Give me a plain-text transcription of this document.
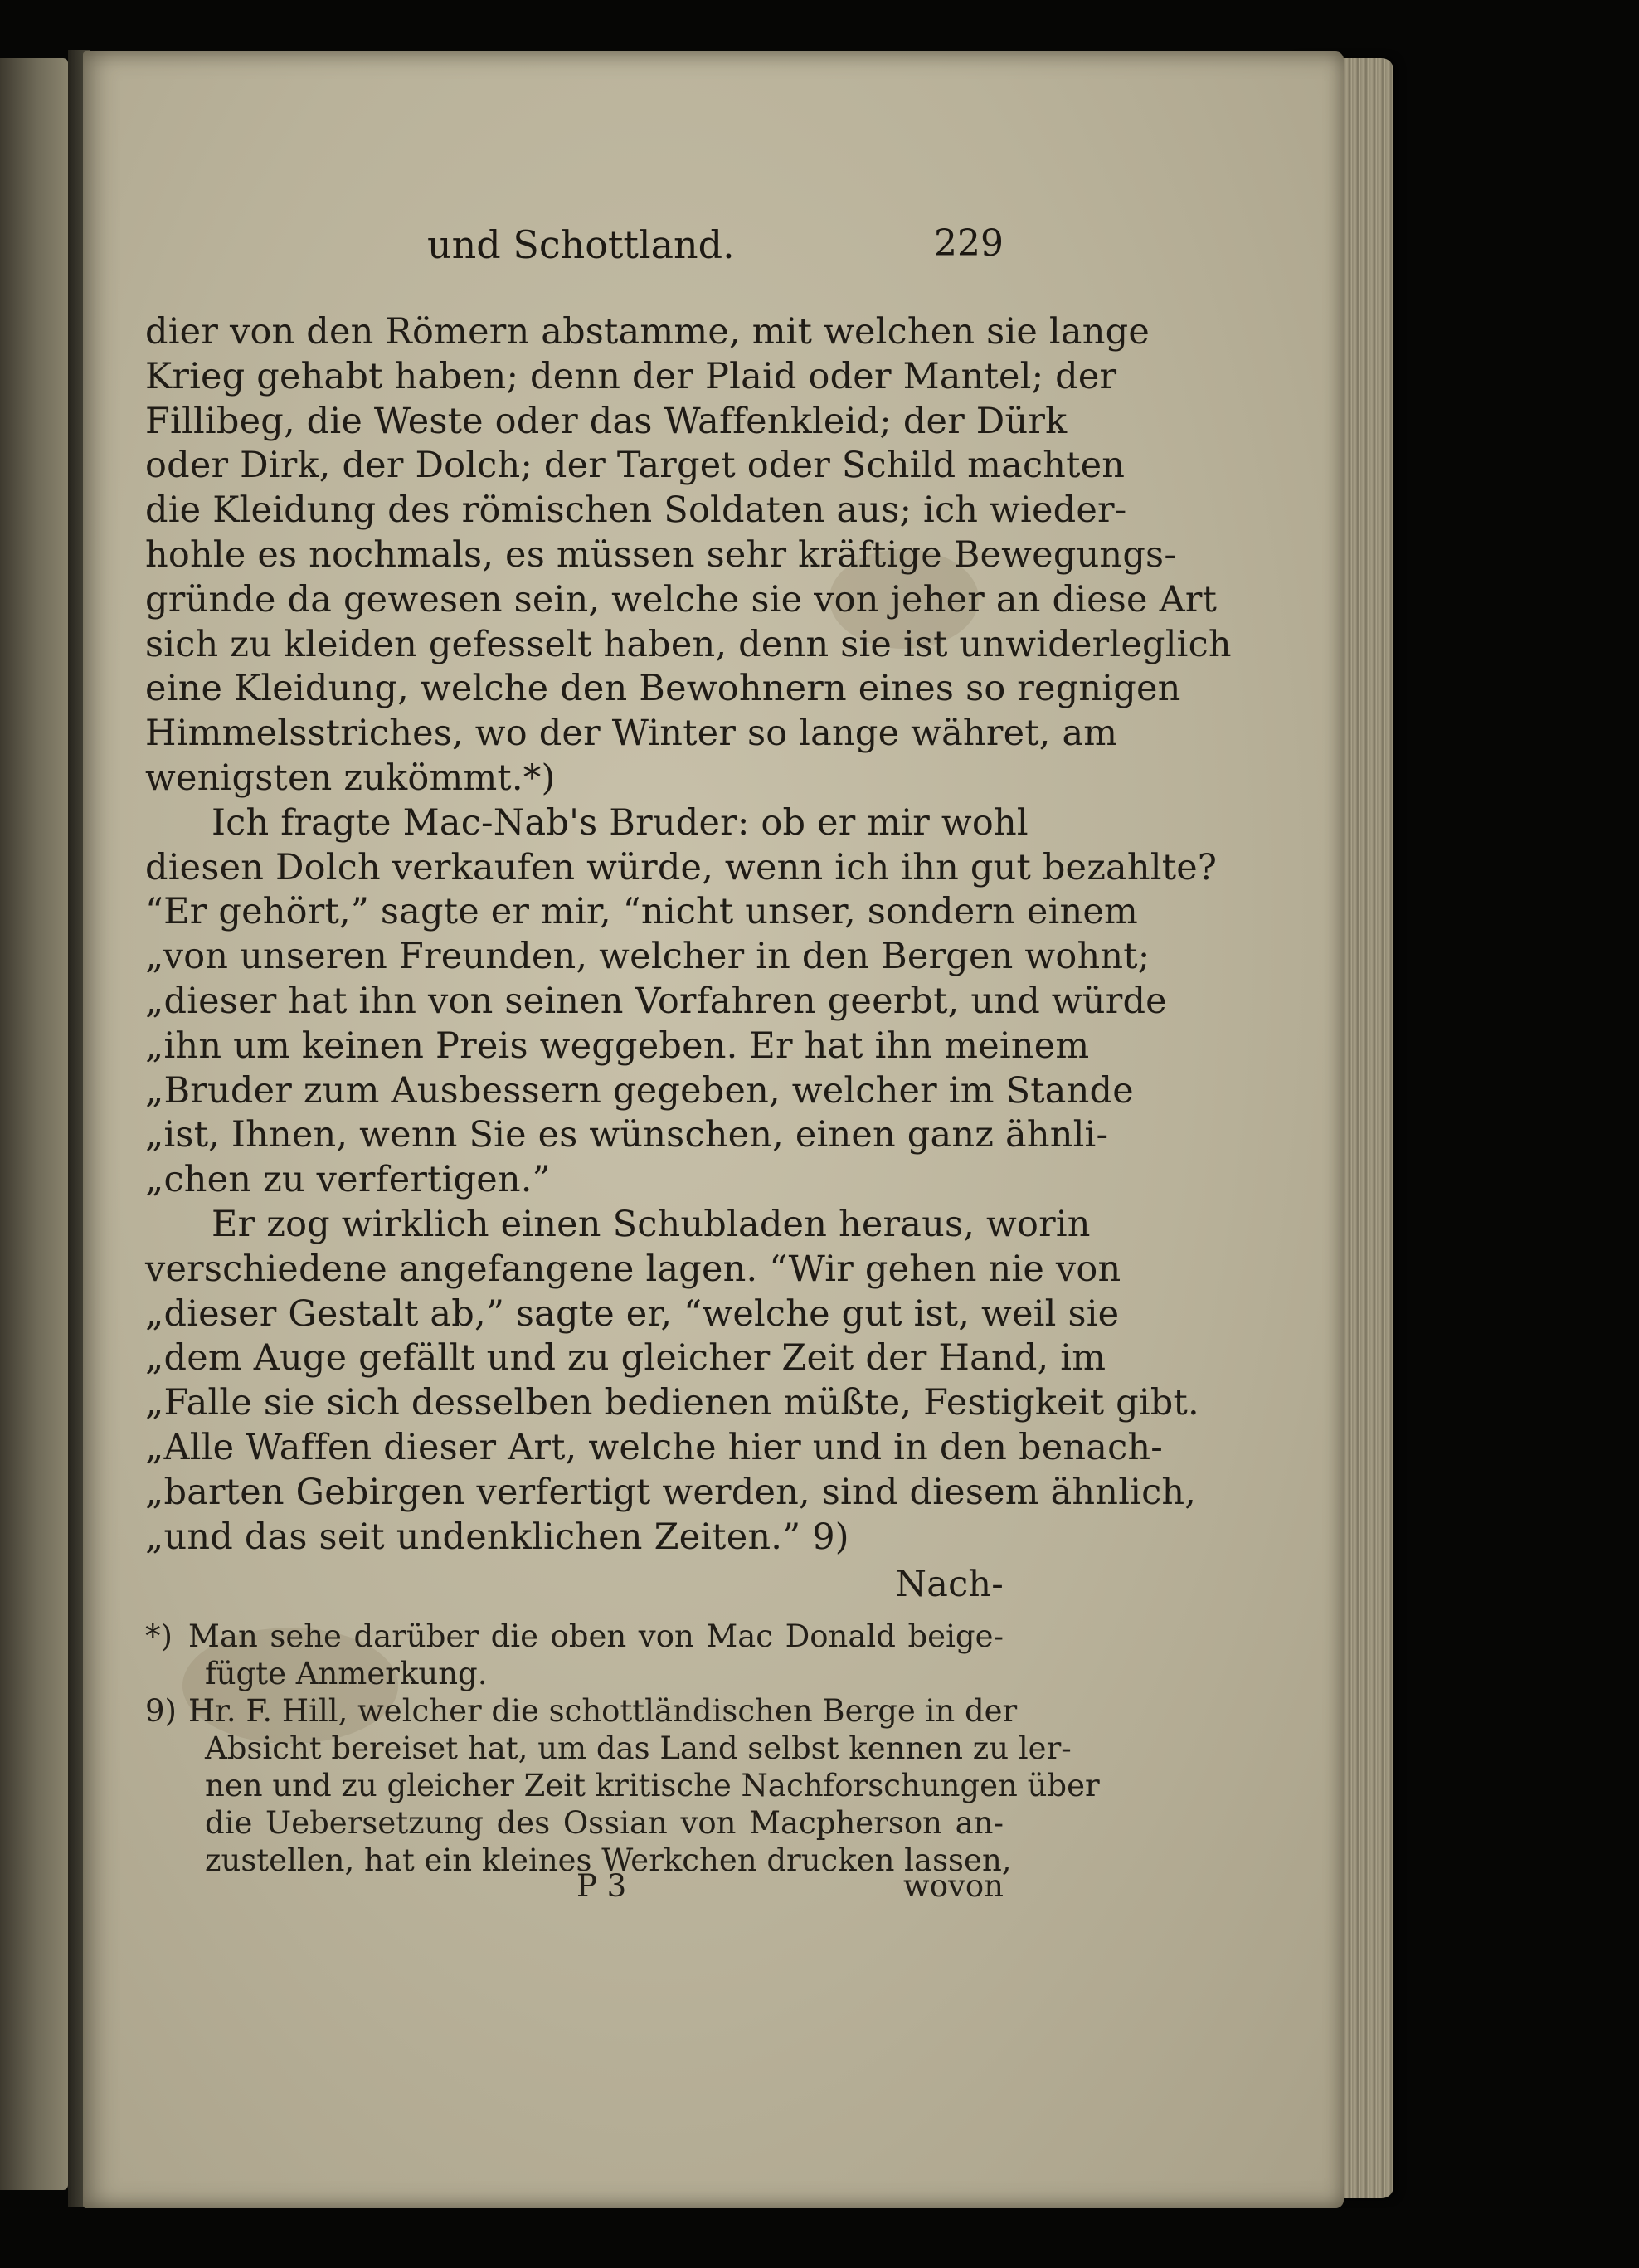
und Schottland.	229
dier von den Römern abstamme, mit welchen sie lange
Krieg gehabt haben; denn der Plaid oder Mantel; der
Fillibeg, die Weste oder das Waffenkleid; der Dürk
oder Dirk, der Dolch; der Target oder Schild machten
die Kleidung des römischen Soldaten aus; ich wieder-
hohle es nochmals, es müssen sehr kräftige Bewegungs-
gründe da gewesen sein, welche sie von jeher an diese Art
sich zu kleiden gefesselt haben, denn sie ist unwiderleglich
eine Kleidung, welche den Bewohnern eines so regnigen
Himmelsstriches, wo der Winter so lange währet, am
wenigsten zukömmt.*)
Ich fragte Mac-Nab's Bruder: ob er mir wohl
diesen Dolch verkaufen würde, wenn ich ihn gut bezahlte?
“Er gehört,” sagte er mir, “nicht unser, sondern einem
„von unseren Freunden, welcher in den Bergen wohnt;
„dieser hat ihn von seinen Vorfahren geerbt, und würde
„ihn um keinen Preis weggeben. Er hat ihn meinem
„Bruder zum Ausbessern gegeben, welcher im Stande
„ist, Ihnen, wenn Sie es wünschen, einen ganz ähnli-
„chen zu verfertigen.”
Er zog wirklich einen Schubladen heraus, worin
verschiedene angefangene lagen. “Wir gehen nie von
„dieser Gestalt ab,” sagte er, “welche gut ist, weil sie
„dem Auge gefällt und zu gleicher Zeit der Hand, im
„Falle sie sich desselben bedienen müßte, Festigkeit gibt.
„Alle Waffen dieser Art, welche hier und in den benach-
„barten Gebirgen verfertigt werden, sind diesem ähnlich,
„und das seit undenklichen Zeiten.” 9)
Nach-
*) Man sehe darüber die oben von Mac Donald beige-
fügte Anmerkung.
9) Hr. F. Hill, welcher die schottländischen Berge in der
Absicht bereiset hat, um das Land selbst kennen zu ler-
nen und zu gleicher Zeit kritische Nachforschungen über
die Uebersetzung des Ossian von Macpherson an-
zustellen, hat ein kleines Werkchen drucken lassen,
P 3	wovon
